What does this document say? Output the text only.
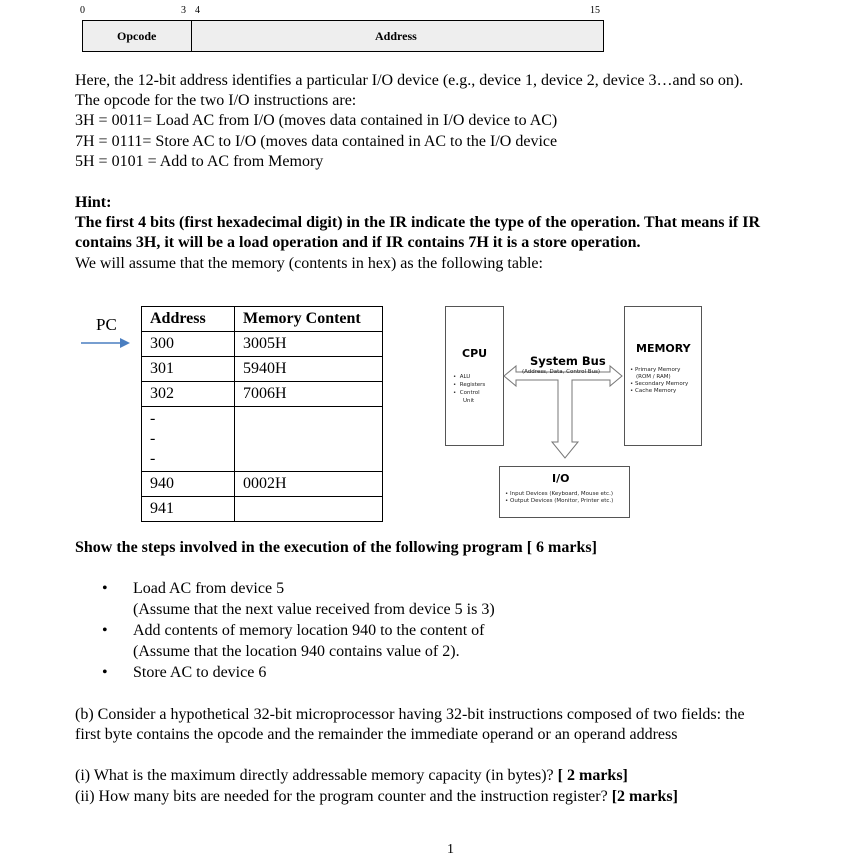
0	3 4	15
Opcode	Address
Here, the 12-bit address identifies a particular I/O device (e.g., device 1, device 2, device 3…and so on).
The opcode for the two I/O instructions are:
3H = 0011= Load AC from I/O (moves data contained in I/O device to AC)
7H = 0111= Store AC to I/O (moves data contained in AC to the I/O device
5H = 0101 = Add to AC from Memory
Hint:
The first 4 bits (first hexadecimal digit) in the IR indicate the type of the operation. That means if IR
contains 3H, it will be a load operation and if IR contains 7H it is a store operation.
We will assume that the memory (contents in hex) as the following table:
PC Address	Memory Content
300	3005H
301	5940H
302	7006H
-
-
-	
940	0002H
941	
CPU
•  ALU
•  Registers
•  Control
Unit
MEMORY
• Primary Memory
(ROM / RAM)
• Secondary Memory
• Cache Memory
System Bus
(Address, Data, Control Bus)
I/O
• Input Devices (Keyboard, Mouse etc.)
• Output Devices (Monitor, Printer etc.)
Show the steps involved in the execution of the following program [ 6 marks]
• Load AC from device 5
(Assume that the next value received from device 5 is 3)
• Add contents of memory location 940 to the content of
(Assume that the location 940 contains value of 2).
• Store AC to device 6
(b) Consider a hypothetical 32-bit microprocessor having 32-bit instructions composed of two fields: the
first byte contains the opcode and the remainder the immediate operand or an operand address
(i) What is the maximum directly addressable memory capacity (in bytes)? [ 2 marks]
(ii) How many bits are needed for the program counter and the instruction register? [2 marks]
1
